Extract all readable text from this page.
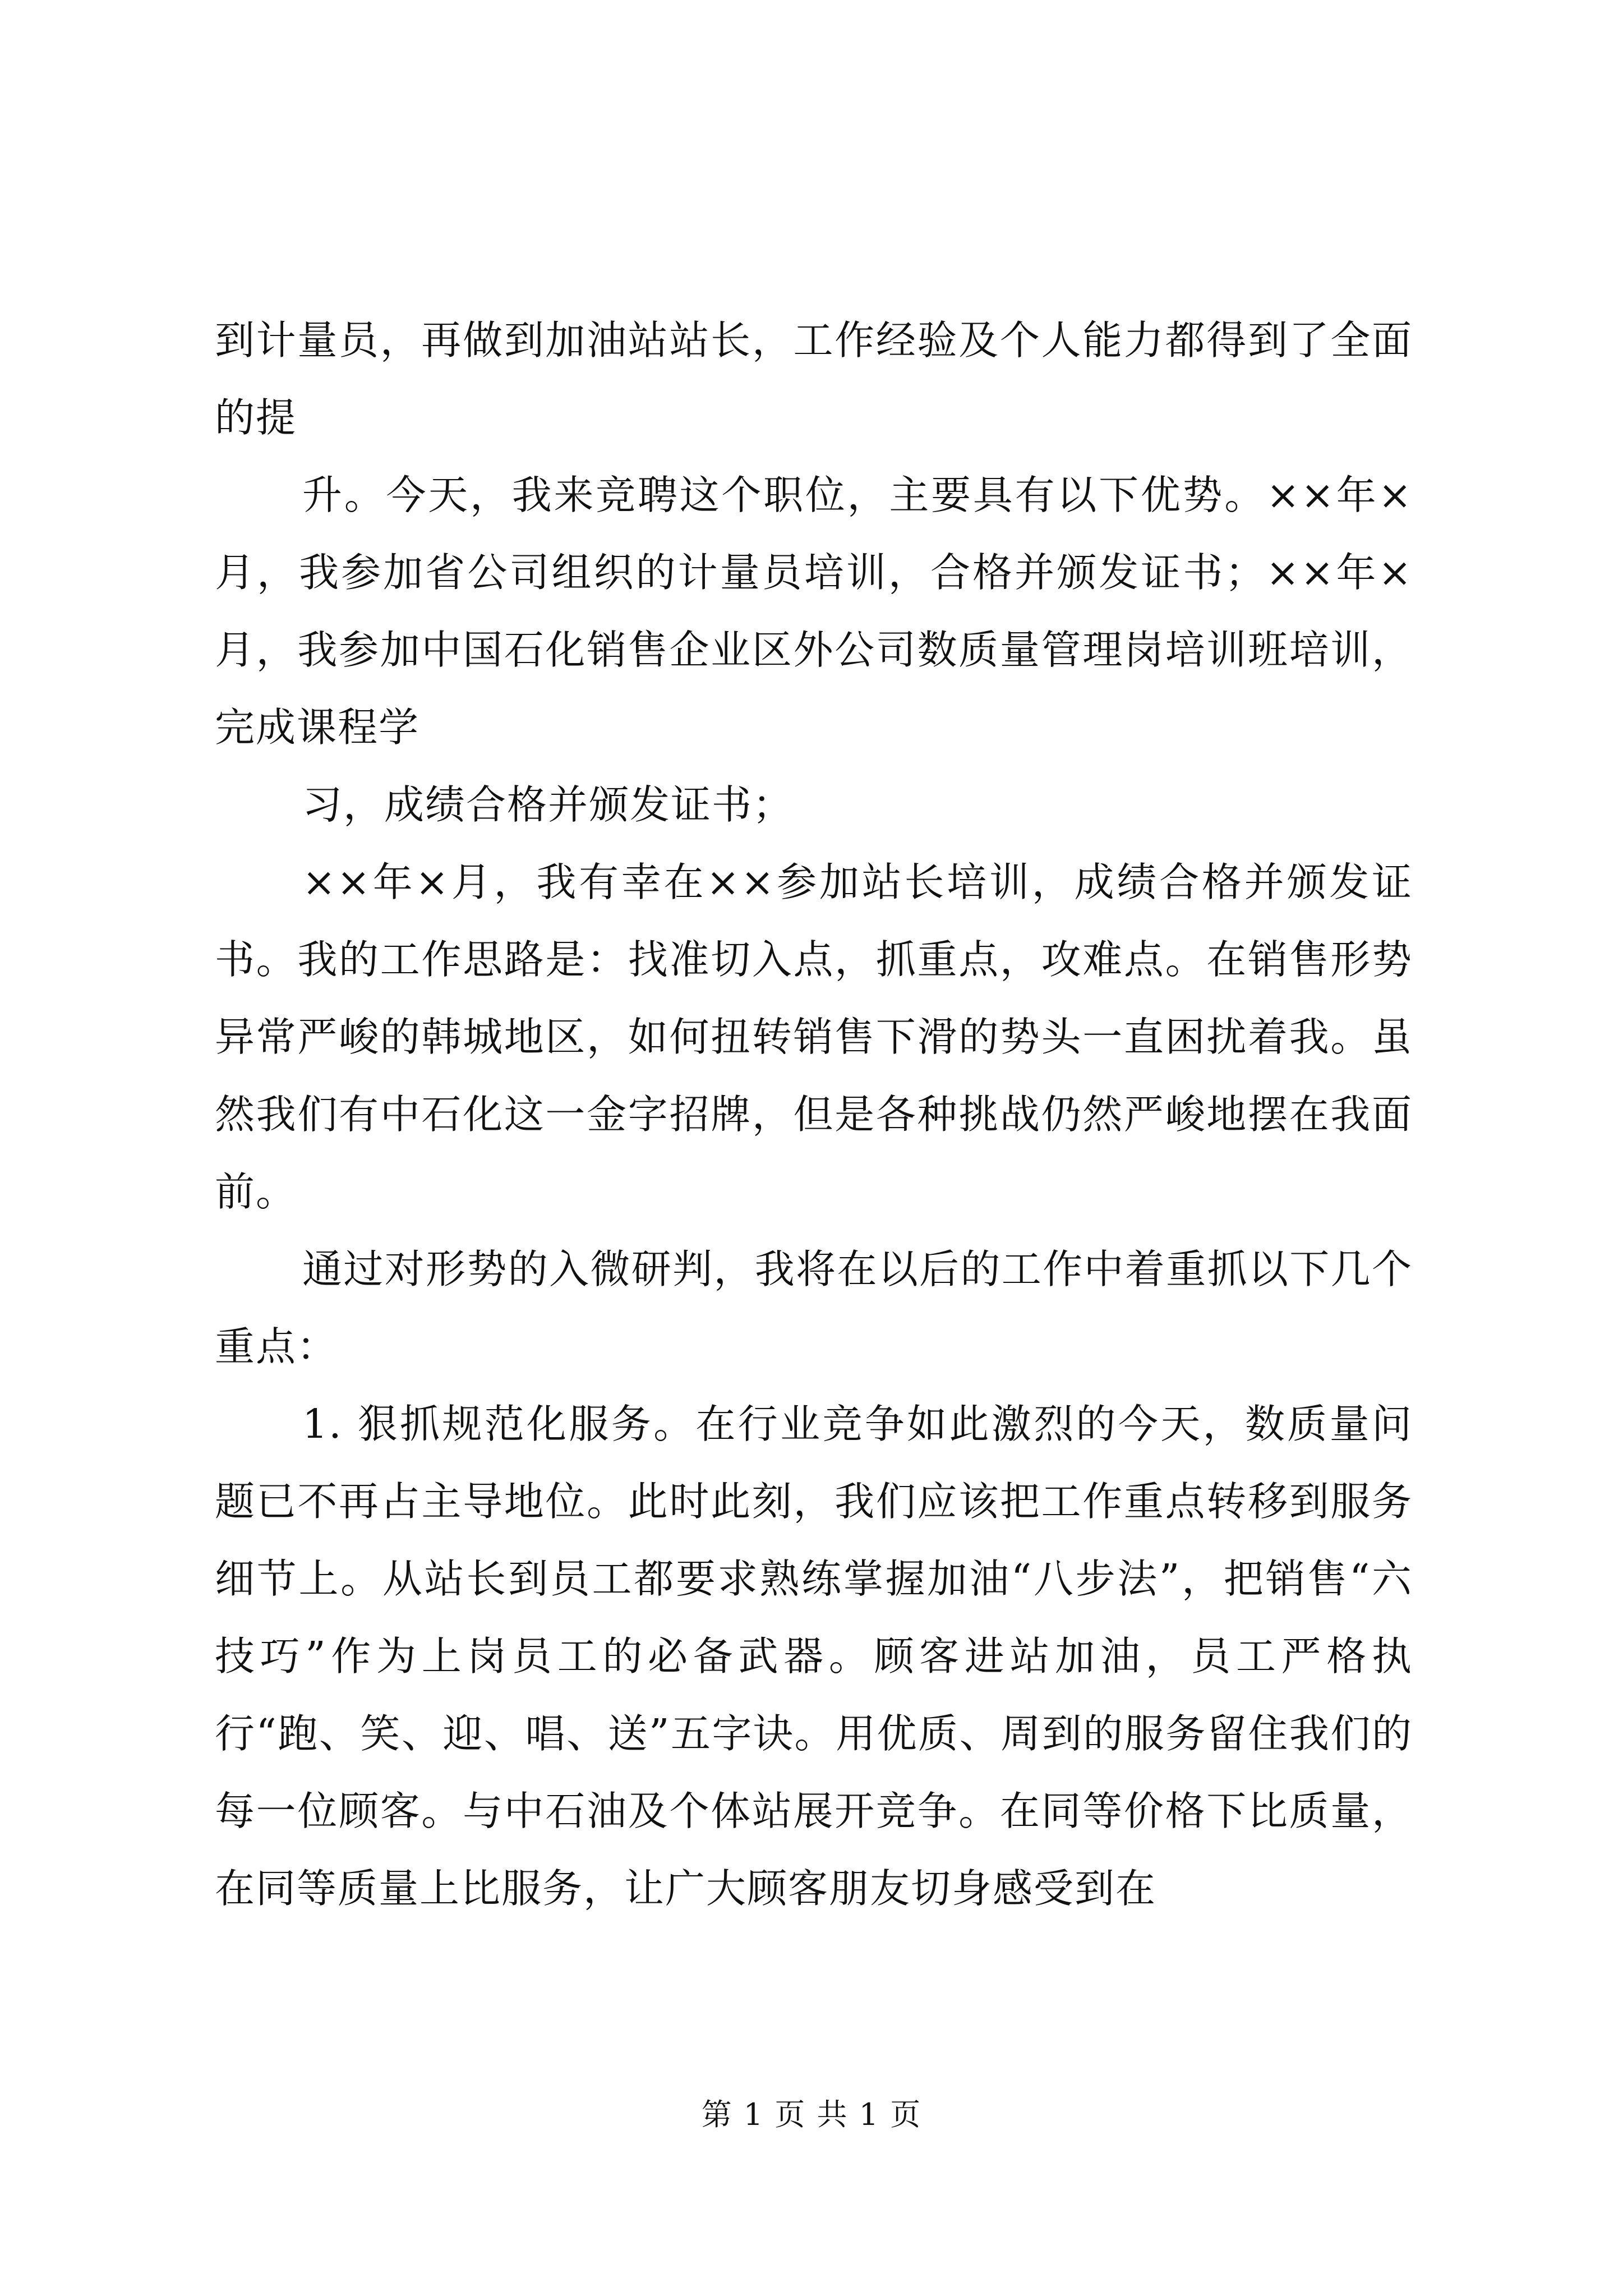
到计量员，再做到加油站站长，工作经验及个人能力都得到了全面的提

升。今天，我来竞聘这个职位，主要具有以下优势。××年×月，我参加省公司组织的计量员培训，合格并颁发证书；××年×月，我参加中国石化销售企业区外公司数质量管理岗培训班培训，完成课程学

习，成绩合格并颁发证书；

××年×月，我有幸在××参加站长培训，成绩合格并颁发证书。我的工作思路是：找准切入点，抓重点，攻难点。在销售形势异常严峻的韩城地区，如何扭转销售下滑的势头一直困扰着我。虽然我们有中石化这一金字招牌，但是各种挑战仍然严峻地摆在我面前。

通过对形势的入微研判，我将在以后的工作中着重抓以下几个重点：

1. 狠抓规范化服务。在行业竞争如此激烈的今天，数质量问题已不再占主导地位。此时此刻，我们应该把工作重点转移到服务细节上。从站长到员工都要求熟练掌握加油“八步法”，把销售“六技巧”作为上岗员工的必备武器。顾客进站加油，员工严格执行“跑、笑、迎、唱、送”五字诀。用优质、周到的服务留住我们的每一位顾客。与中石油及个体站展开竞争。在同等价格下比质量，在同等质量上比服务，让广大顾客朋友切身感受到在

第 1 页 共 1 页
